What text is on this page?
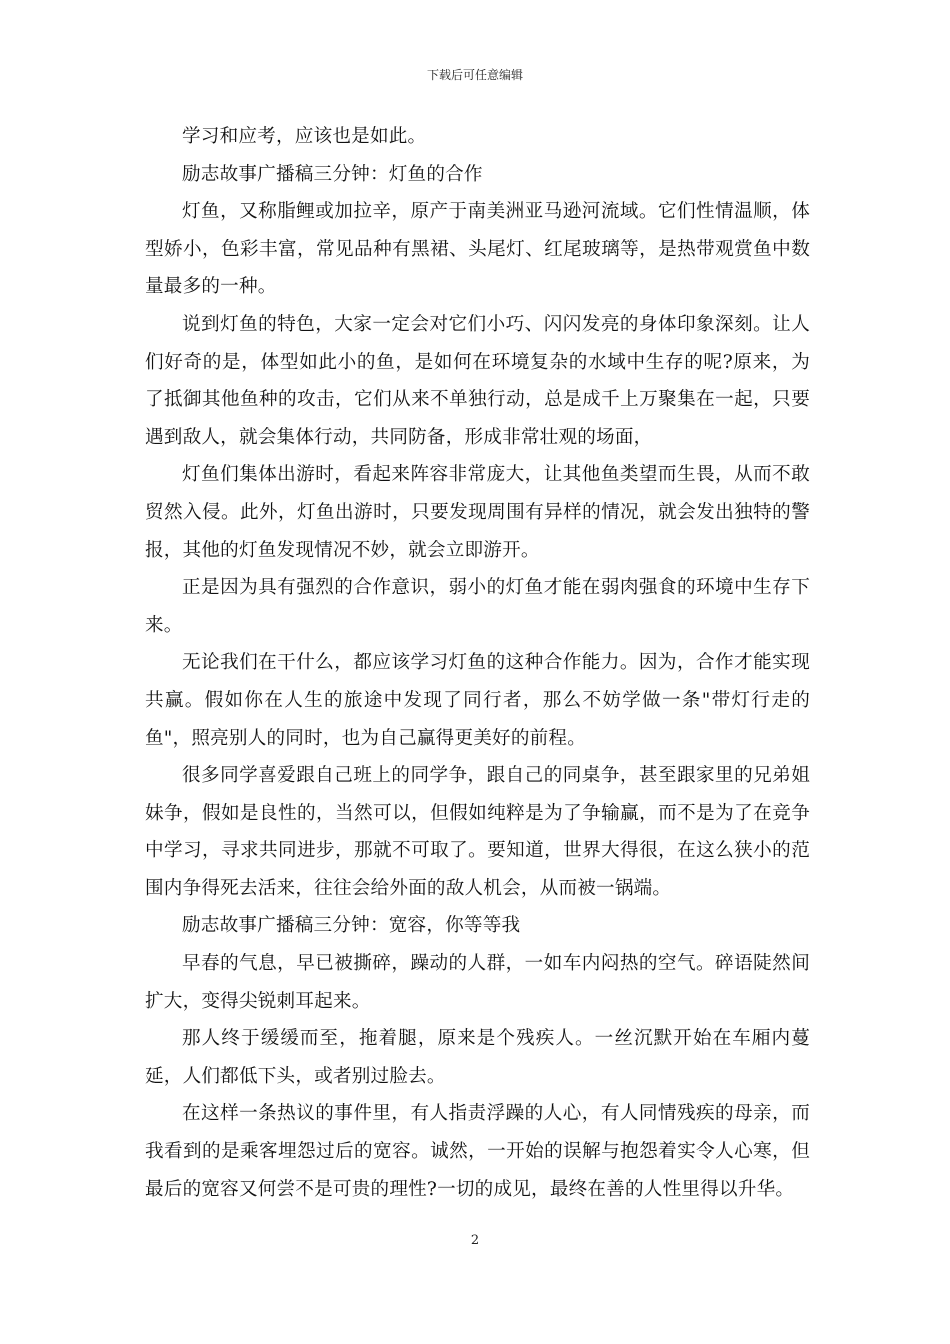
下载后可任意编辑

学习和应考，应该也是如此。

励志故事广播稿三分钟：灯鱼的合作

灯鱼，又称脂鲤或加拉辛，原产于南美洲亚马逊河流域。它们性情温顺，体型娇小，色彩丰富，常见品种有黑裙、头尾灯、红尾玻璃等，是热带观赏鱼中数量最多的一种。

说到灯鱼的特色，大家一定会对它们小巧、闪闪发亮的身体印象深刻。让人们好奇的是，体型如此小的鱼，是如何在环境复杂的水域中生存的呢?原来，为了抵御其他鱼种的攻击，它们从来不单独行动，总是成千上万聚集在一起，只要遇到敌人，就会集体行动，共同防备，形成非常壮观的场面，

灯鱼们集体出游时，看起来阵容非常庞大，让其他鱼类望而生畏，从而不敢贸然入侵。此外，灯鱼出游时，只要发现周围有异样的情况，就会发出独特的警报，其他的灯鱼发现情况不妙，就会立即游开。

正是因为具有强烈的合作意识，弱小的灯鱼才能在弱肉强食的环境中生存下来。

无论我们在干什么，都应该学习灯鱼的这种合作能力。因为，合作才能实现共赢。假如你在人生的旅途中发现了同行者，那么不妨学做一条"带灯行走的鱼"，照亮别人的同时，也为自己赢得更美好的前程。

很多同学喜爱跟自己班上的同学争，跟自己的同桌争，甚至跟家里的兄弟姐妹争，假如是良性的，当然可以，但假如纯粹是为了争输赢，而不是为了在竞争中学习，寻求共同进步，那就不可取了。要知道，世界大得很，在这么狭小的范围内争得死去活来，往往会给外面的敌人机会，从而被一锅端。

励志故事广播稿三分钟：宽容，你等等我

早春的气息，早已被撕碎，躁动的人群，一如车内闷热的空气。碎语陡然间扩大，变得尖锐刺耳起来。

那人终于缓缓而至，拖着腿，原来是个残疾人。一丝沉默开始在车厢内蔓延，人们都低下头，或者别过脸去。

在这样一条热议的事件里，有人指责浮躁的人心，有人同情残疾的母亲，而我看到的是乘客埋怨过后的宽容。诚然，一开始的误解与抱怨着实令人心寒，但最后的宽容又何尝不是可贵的理性?一切的成见，最终在善的人性里得以升华。

2
